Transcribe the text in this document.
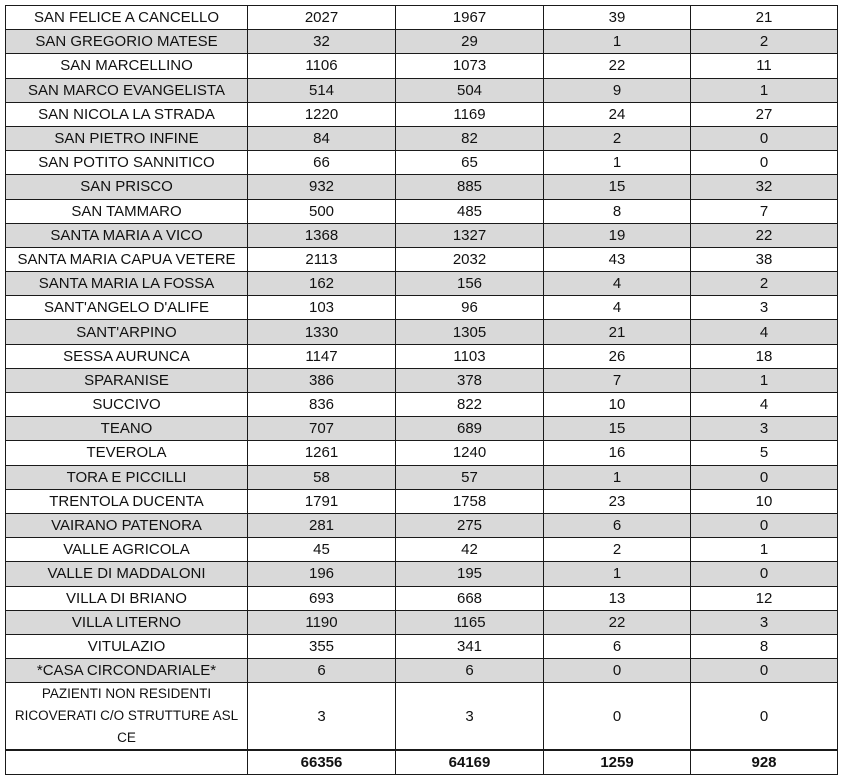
SAN FELICE A CANCELLO	2027	1967	39	21
SAN GREGORIO MATESE	32	29	1	2
SAN MARCELLINO	1106	1073	22	11
SAN MARCO EVANGELISTA	514	504	9	1
SAN NICOLA LA STRADA	1220	1169	24	27
SAN PIETRO INFINE	84	82	2	0
SAN POTITO SANNITICO	66	65	1	0
SAN PRISCO	932	885	15	32
SAN TAMMARO	500	485	8	7
SANTA MARIA A VICO	1368	1327	19	22
SANTA MARIA CAPUA VETERE	2113	2032	43	38
SANTA MARIA LA FOSSA	162	156	4	2
SANT'ANGELO D'ALIFE	103	96	4	3
SANT'ARPINO	1330	1305	21	4
SESSA AURUNCA	1147	1103	26	18
SPARANISE	386	378	7	1
SUCCIVO	836	822	10	4
TEANO	707	689	15	3
TEVEROLA	1261	1240	16	5
TORA E PICCILLI	58	57	1	0
TRENTOLA DUCENTA	1791	1758	23	10
VAIRANO PATENORA	281	275	6	0
VALLE AGRICOLA	45	42	2	1
VALLE DI MADDALONI	196	195	1	0
VILLA DI BRIANO	693	668	13	12
VILLA LITERNO	1190	1165	22	3
VITULAZIO	355	341	6	8
*CASA CIRCONDARIALE*	6	6	0	0
PAZIENTI NON RESIDENTI RICOVERATI C/O STRUTTURE ASL CE	3	3	0	0
	66356	64169	1259	928
